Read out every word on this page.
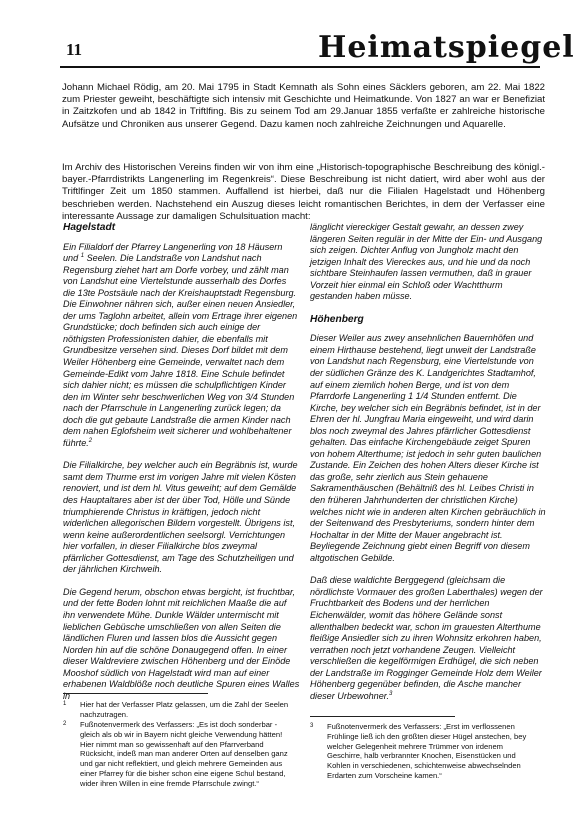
11	Heimatspiegel

Johann Michael Rödig, am 20. Mai 1795 in Stadt Kemnath als Sohn eines Säcklers geboren, am 22. Mai 1822 zum Priester geweiht, beschäftigte sich intensiv mit Geschichte und Heimatkunde. Von 1827 an war er Benefiziat in Zaitzkofen und ab 1842 in Triftlfing. Bis zu seinem Tod am 29.Januar 1855 verfaßte er zahlreiche historische Aufsätze und Chroniken aus unserer Gegend. Dazu kamen noch zahlreiche Zeichnungen und Aquarelle.

Im Archiv des Historischen Vereins finden wir von ihm eine „Historisch-topographische Beschreibung des königl.-bayer.-Pfarrdistrikts Langenerling im Regenkreis“. Diese Beschreibung ist nicht datiert, wird aber wohl aus der Triftlfinger Zeit um 1850 stammen. Auffallend ist hierbei, daß nur die Filialen Hagelstadt und Höhenberg beschrieben werden. Nachstehend ein Auszug dieses leicht romantischen Berichtes, in dem der Verfasser eine interessante Aussage zur damaligen Schulsituation macht:

Hagelstadt

Ein Filialdorf der Pfarrey Langenerling von 18 Häusern und $^1$ Seelen. Die Landstraße von Landshut nach Regensburg ziehet hart am Dorfe vorbey, und zählt man von Landshut eine Viertelstunde ausserhalb des Dorfes die 13te Postsäule nach der Kreishauptstadt Regensburg. Die Einwohner nähren sich, außer einen neuen Ansiedler, der ums Taglohn arbeitet, allein vom Ertrage ihrer eigenen Grundstücke; doch befinden sich auch einige der nöthigsten Professionisten dahier, die ebenfalls mit Grundbesitze versehen sind. Dieses Dorf bildet mit dem Weiler Höhenberg eine Gemeinde, verwaltet nach dem Gemeinde-Edikt vom Jahre 1818. Eine Schule befindet sich dahier nicht; es müssen die schulpflichtigen Kinder den im Winter sehr beschwerlichen Weg von 3/4 Stunden nach der Pfarrschule in Langenerling zurück legen; da doch die gut gebaute Landstraße die armen Kinder nach dem nahen Eglofsheim weit sicherer und wohlbehaltener führte.$^2$

Die Filialkirche, bey welcher auch ein Begräbnis ist, wurde samt dem Thurme erst im vorigen Jahre mit vielen Kösten renoviert, und ist dem hl. Vitus geweiht; auf dem Gemälde des Hauptaltares aber ist der über Tod, Hölle und Sünde triumphierende Christus in kräftigen, jedoch nicht widerlichen allegorischen Bildern vorgestellt. Übrigens ist, wenn keine außerordentlichen seelsorgl. Verrichtungen hier vorfallen, in dieser Filialkirche blos zweymal pfärrlicher Gottesdienst, am Tage des Schutzheiligen und der jährlichen Kirchweih.

Die Gegend herum, obschon etwas bergicht, ist fruchtbar, und der fette Boden lohnt mit reichlichen Maaße die auf ihn verwendete Mühe. Dunkle Wälder untermischt mit lieblichen Gebüsche umschließen von allen Seiten die ländlichen Fluren und lassen blos die Aussicht gegen Norden hin auf die schöne Donaugegend offen. In einer dieser Waldreviere zwischen Höhenberg und der Einöde Mooshof südlich von Hagelstadt wird man auf einer erhabenen Waldblöße noch deutliche Spuren eines Walles in

länglicht viereckiger Gestalt gewahr, an dessen zwey längeren Seiten regulär in der Mitte der Ein- und Ausgang sich zeigen. Dichter Anflug von Jungholz macht den jetzigen Inhalt des Viereckes aus, und hie und da noch sichtbare Steinhaufen lassen vermuthen, daß in grauer Vorzeit hier einmal ein Schloß oder Wachtthurm gestanden haben müsse.

Höhenberg

Dieser Weiler aus zwey ansehnlichen Bauernhöfen und einem Hirthause bestehend, liegt unweit der Landstraße von Landshut nach Regensburg, eine Viertelstunde von der südlichen Gränze des K. Landgerichtes Stadtamhof, auf einem ziemlich hohen Berge, und ist von dem Pfarrdorfe Langenerling 1 1/4 Stunden entfernt. Die Kirche, bey welcher sich ein Begräbnis befindet, ist in der Ehren der hl. Jungfrau Maria eingeweiht, und wird darin blos noch zweymal des Jahres pfärrlicher Gottesdienst gehalten. Das einfache Kirchengebäude zeiget Spuren von hohem Alterthume; ist jedoch in sehr guten baulichen Zustande. Ein Zeichen des hohen Alters dieser Kirche ist das große, sehr zierlich aus Stein gehauene Sakramenthäuschen (Behältniß des hl. Leibes Christi in den früheren Jahrhunderten der christlichen Kirche) welches nicht wie in anderen alten Kirchen gebräuchlich in der Seitenwand des Presbyteriums, sondern hinter dem Hochaltar in der Mitte der Mauer angebracht ist. Beyliegende Zeichnung giebt einen Begriff von diesem altgotischen Gebilde.

Daß diese waldichte Berggegend (gleichsam die nördlichste Vormauer des großen Laberthales) wegen der Fruchtbarkeit des Bodens und der herrlichen Eichenwälder, womit das höhere Gelände sonst allenthalben bedeckt war, schon im grauesten Alterthume fleißige Ansiedler sich zu ihren Wohnsitz erkohren haben, verrathen noch jetzt vorhandene Zeugen. Vielleicht verschließen die kegelförmigen Erdhügel, die sich neben der Landstraße im Rogginger Gemeinde Holz dem Weiler Höhenberg gegenüber befinden, die Asche mancher dieser Urbewohner.$^3$

1	Hier hat der Verfasser Platz gelassen, um die Zahl der Seelen nachzutragen.
2	Fußnotenvermerk des Verfassers: „Es ist doch sonderbar - gleich als ob wir in Bayern nicht gleiche Verwendung hätten! Hier nimmt man so gewissenhaft auf den Pfarrverband Rücksicht, indeß man man anderer Orten auf denselben ganz und gar nicht reflektiert, und gleich mehrere Gemeinden aus einer Pfarrey für die bisher schon eine eigene Schul bestand, wider ihren Willen in eine fremde Pfarrschule zwingt.“
3	Fußnotenvermerk des Verfassers: „Erst im verflossenen Frühlinge ließ ich den größten dieser Hügel anstechen, bey welcher Gelegenheit mehrere Trümmer von irdenem Geschirre, halb verbrannter Knochen, Eisenstücken und Kohlen in verschiedenen, schichtenweise abwechselnden Erdarten zum Vorscheine kamen.“
